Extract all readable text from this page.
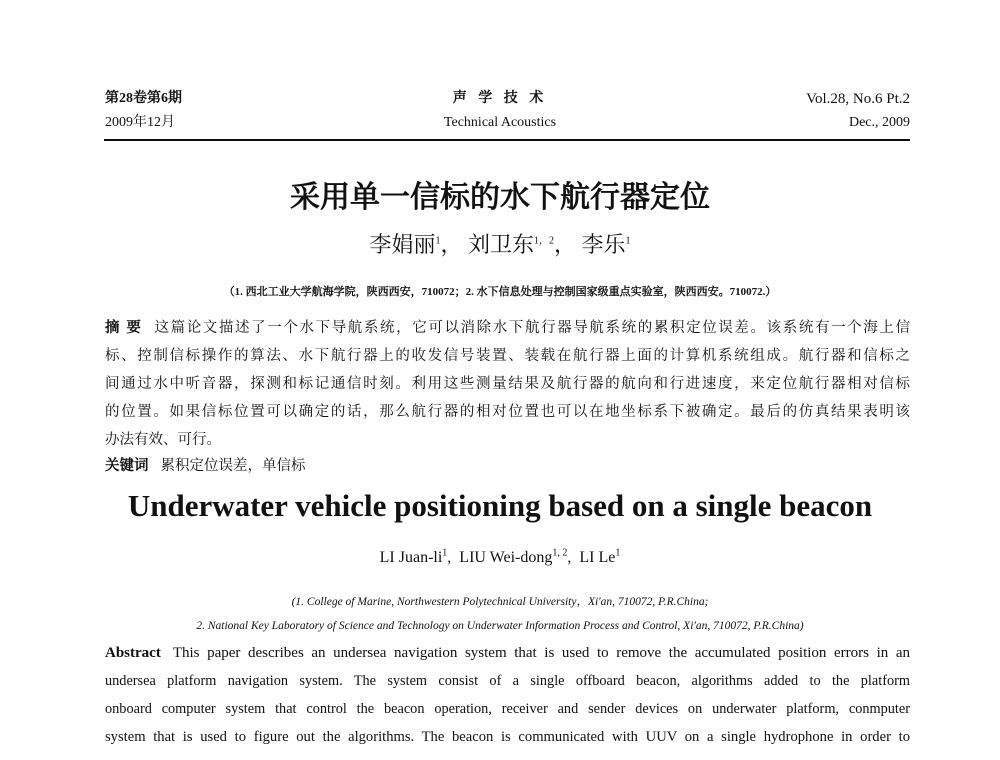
第28卷第6期
2009年12月
声 学 技 术
Technical Acoustics
Vol.28, No.6 Pt.2
Dec., 2009
采用单一信标的水下航行器定位
李娟丽$^1$， 刘卫东$^{1,2}$， 李乐$^1$
（1. 西北工业大学航海学院，陕西西安，710072；2. 水下信息处理与控制国家级重点实验室，陕西西安。710072.）
摘 要 这篇论文描述了一个水下导航系统，它可以消除水下航行器导航系统的累积定位误差。该系统有一个海上信
标、控制信标操作的算法、水下航行器上的收发信号装置、装载在航行器上面的计算机系统组成。航行器和信标之
间通过水中听音器，探测和标记通信时刻。利用这些测量结果及航行器的航向和行进速度，来定位航行器相对信标
的位置。如果信标位置可以确定的话，那么航行器的相对位置也可以在地坐标系下被确定。最后的仿真结果表明该
办法有效、可行。
关键词 累积定位误差，单信标
Underwater vehicle positioning based on a single beacon
LI Juan-$li^1$, LIU Wei-dong$^{1, 2}$, LI Le$^1$
(1. College of Marine, Northwestern Polytechnical University，Xi'an, 710072, P.R.China;
2. National Key Laboratory of Science and Technology on Underwater Information Process and Control, Xi'an, 710072, P.R.China)
Abstract This paper describes an undersea navigation system that is used to remove the accumulated position errors in an
undersea platform navigation system. The system consist of a single offboard beacon, algorithms added to the platform
onboard computer system that control the beacon operation, receiver and sender devices on underwater platform, conmputer
system that is used to figure out the algorithms. The beacon is communicated with UUV on a single hydrophone in order to
